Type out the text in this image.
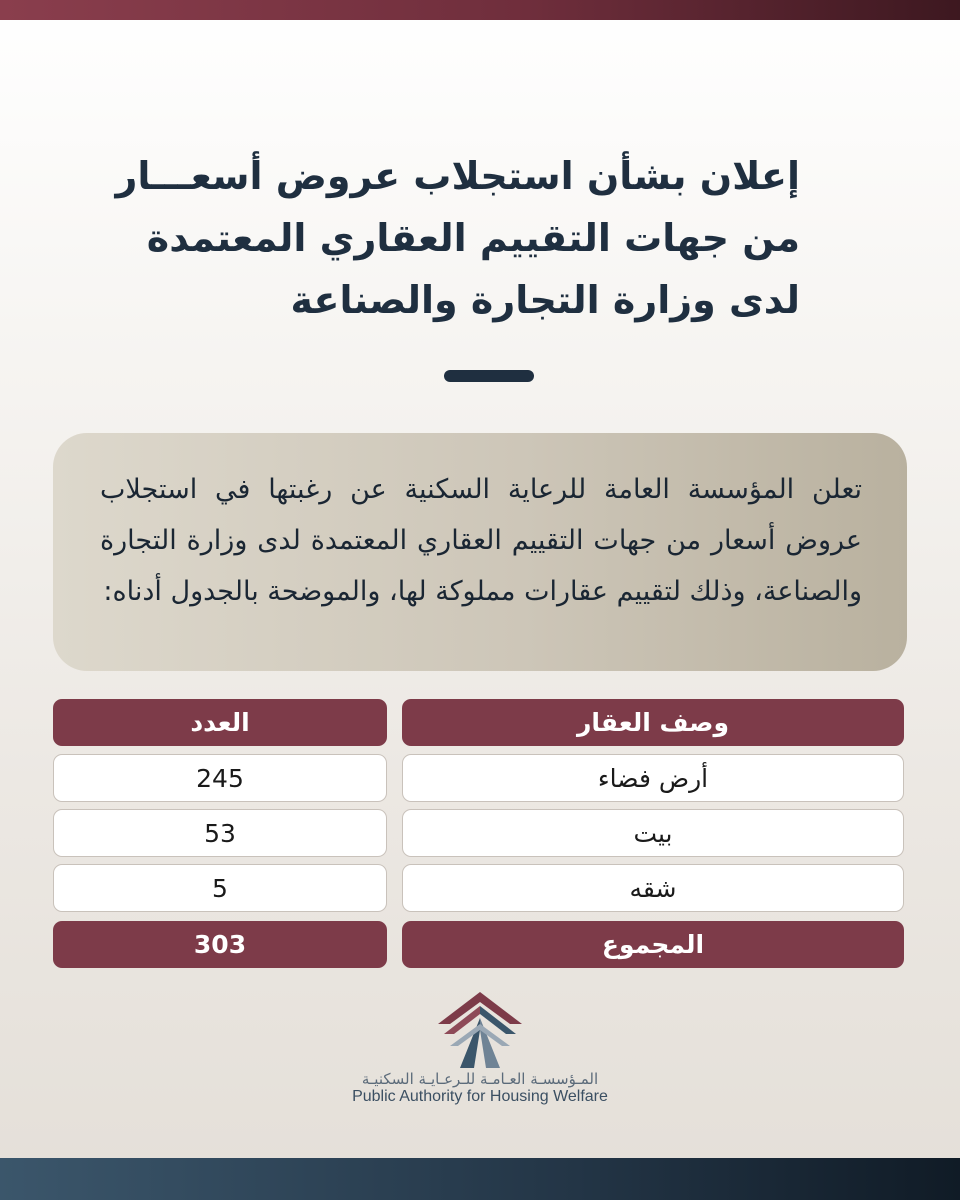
إعلان بشأن استجلاب عروض أسعـــار
من جهات التقييم العقاري المعتمدة
لدى وزارة التجارة والصناعة

تعلن المؤسسة العامة للرعاية السكنية عن رغبتها في استجلاب عروض أسعار من جهات التقييم العقاري المعتمدة لدى وزارة التجارة والصناعة، وذلك لتقييم عقارات مملوكة لها، والموضحة بالجدول أدناه:

وصف العقار
العدد
أرض فضاء
245
بيت
53
شقه
5
المجموع
303
المـؤسسـة العـامـة للـرعـايـة السكنيـة
Public Authority for Housing Welfare
